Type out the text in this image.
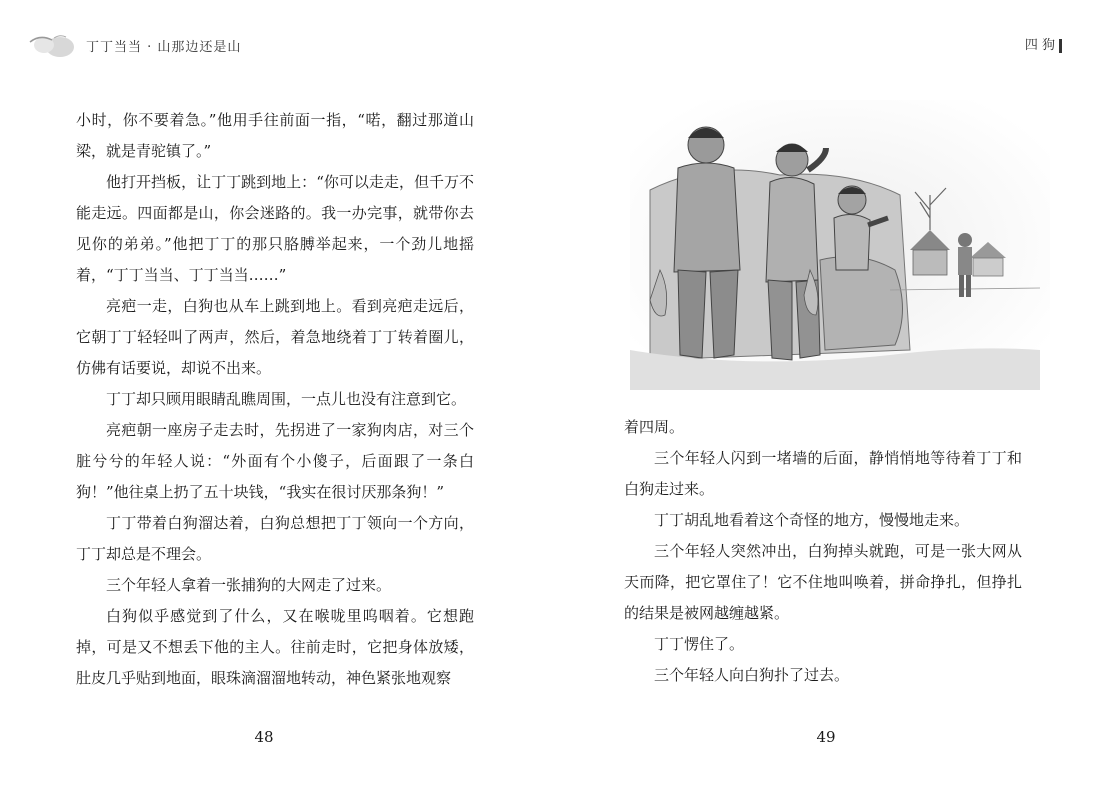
丁丁当当 · 山那边还是山

小时，你不要着急。”他用手往前面一指，“喏，翻过那道山梁，就是青驼镇了。”

他打开挡板，让丁丁跳到地上：“你可以走走，但千万不能走远。四面都是山，你会迷路的。我一办完事，就带你去见你的弟弟。”他把丁丁的那只胳膊举起来，一个劲儿地摇着，“丁丁当当、丁丁当当……”

亮疤一走，白狗也从车上跳到地上。看到亮疤走远后，它朝丁丁轻轻叫了两声，然后，着急地绕着丁丁转着圈儿，仿佛有话要说，却说不出来。

丁丁却只顾用眼睛乱瞧周围，一点儿也没有注意到它。

亮疤朝一座房子走去时，先拐进了一家狗肉店，对三个脏兮兮的年轻人说：“外面有个小傻子，后面跟了一条白狗！”他往桌上扔了五十块钱，“我实在很讨厌那条狗！”

丁丁带着白狗溜达着，白狗总想把丁丁领向一个方向，丁丁却总是不理会。

三个年轻人拿着一张捕狗的大网走了过来。

白狗似乎感觉到了什么，又在喉咙里呜咽着。它想跑掉，可是又不想丢下他的主人。往前走时，它把身体放矮，肚皮几乎贴到地面，眼珠滴溜溜地转动，神色紧张地观察

48
四 狗

着四周。

三个年轻人闪到一堵墙的后面，静悄悄地等待着丁丁和白狗走过来。

丁丁胡乱地看着这个奇怪的地方，慢慢地走来。

三个年轻人突然冲出，白狗掉头就跑，可是一张大网从天而降，把它罩住了！它不住地叫唤着，拼命挣扎，但挣扎的结果是被网越缠越紧。

丁丁愣住了。

三个年轻人向白狗扑了过去。

49
